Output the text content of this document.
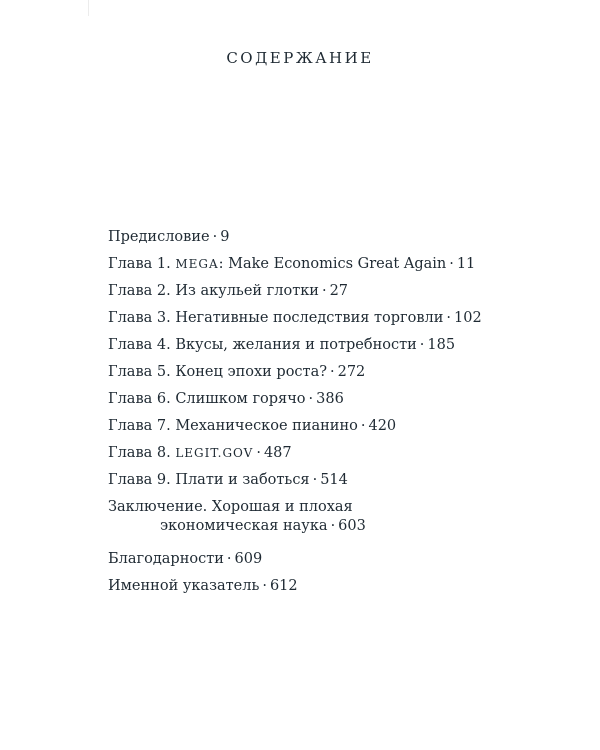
СОДЕРЖАНИЕ
Предисловие · 9
Глава 1. MEGA: Make Economics Great Again · 11
Глава 2. Из акульей глотки · 27
Глава 3. Негативные последствия торговли · 102
Глава 4. Вкусы, желания и потребности · 185
Глава 5. Конец эпохи роста? · 272
Глава 6. Слишком горячо · 386
Глава 7. Механическое пианино · 420
Глава 8. LEGIT.GOV · 487
Глава 9. Плати и заботься · 514
Заключение. Хорошая и плохая
экономическая наука · 603
Благодарности · 609
Именной указатель · 612
